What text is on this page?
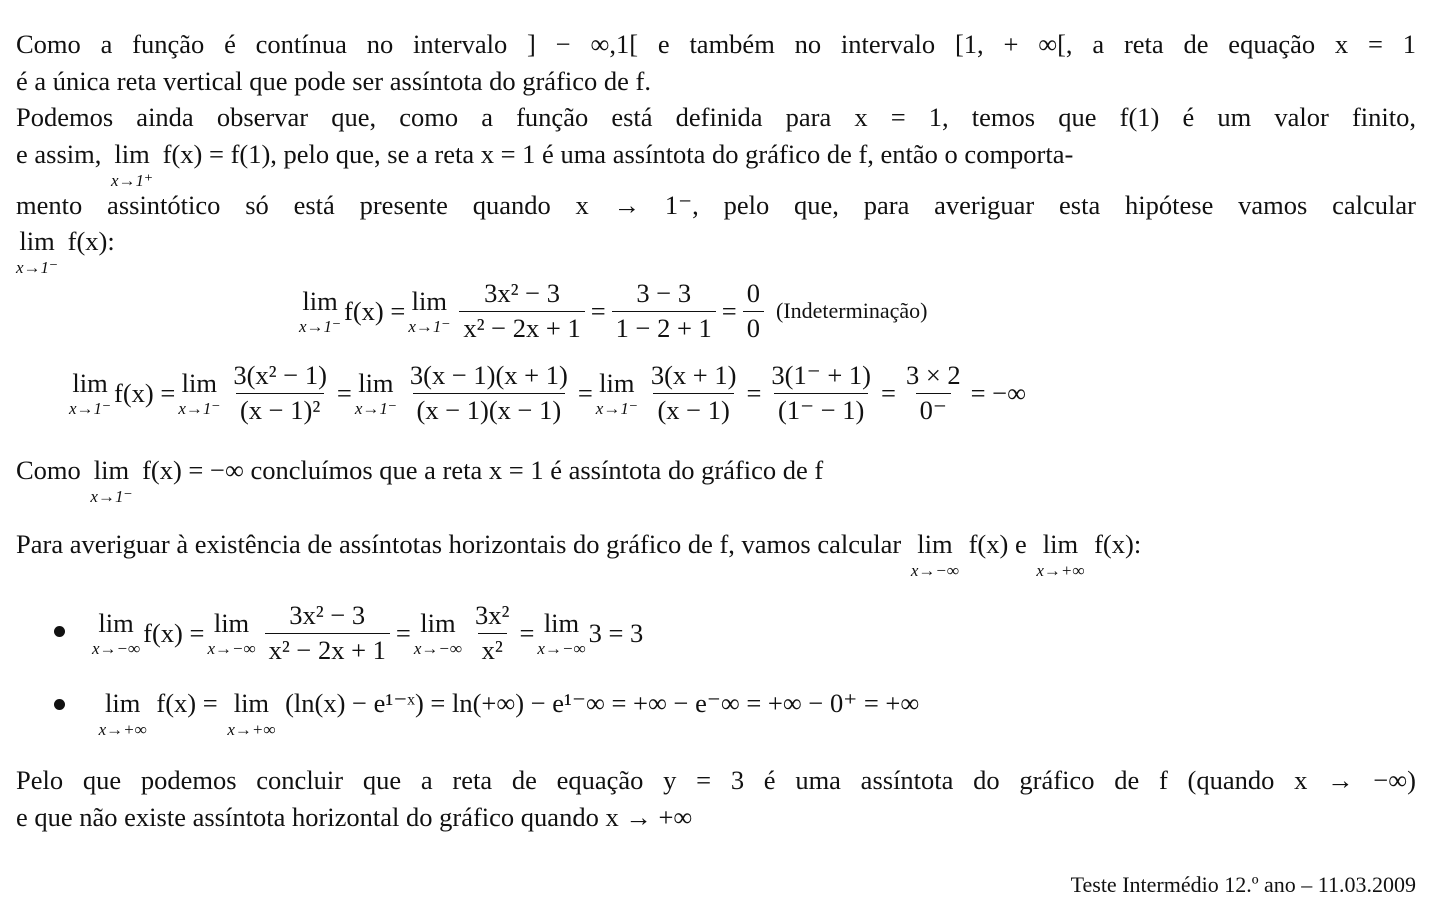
Como a função é contínua no intervalo ] − ∞,1[ e também no intervalo [1, + ∞[, a reta de equação x = 1
é a única reta vertical que pode ser assíntota do gráfico de f.
Podemos ainda observar que, como a função está definida para x = 1, temos que f(1) é um valor finito,
e assim, lim
x→1⁺
f(x) = f(1), pelo que, se a reta x = 1 é uma assíntota do gráfico de f, então o comporta-
mento assintótico só está presente quando x → 1⁻, pelo que, para averiguar esta hipótese vamos calcular
lim
x→1⁻
f(x):
lim
x→1⁻
f(x) = lim
$x\to 1^- \frac{\text{3x² − 3}}{\text{x² − 2x + 1}} = \frac{3 - 3}{1 - 2 + 1} = \frac{0}{0}$ (Indeterminação)
lim
x→1⁻
f(x) = lim
$x\to 1^- \frac{\text{3(x² − 1)}}{\text{(x − 1)²}} = \lim$
$x\to 1^- \frac{3(x - 1)(x + 1)}{(x - 1)(x - 1)} = \lim$
$x\to 1^- \frac{3(x + 1)}{(x - 1)} = \frac{3(1^- + 1)}{(1^- - 1)} = \frac{3 \times 2}{0^-}$ = −∞
Como lim
x→1⁻
f(x) = −∞ concluímos que a reta x = 1 é assíntota do gráfico de f
Para averiguar à existência de assíntotas horizontais do gráfico de f, vamos calcular lim
x→−∞
f(x) e lim
x→+∞
f(x):
lim
x→−∞
f(x) = lim
$x\to-\infty \frac{\text{3x² − 3}}{\text{x² − 2x + 1}} = \lim$
$x\to-\infty \frac{\text{3x²}}{\text{x²}} = \lim$
x→−∞
3 = 3

lim
x→+∞
f(x) = lim
x→+∞
(ln(x) − e¹⁻ˣ) = ln(+∞) − e¹⁻∞ = +∞ − e⁻∞ = +∞ − 0⁺ = +∞
Pelo que podemos concluir que a reta de equação y = 3 é uma assíntota do gráfico de f (quando x → −∞)
e que não existe assíntota horizontal do gráfico quando x → +∞
Teste Intermédio 12.º ano – 11.03.2009
